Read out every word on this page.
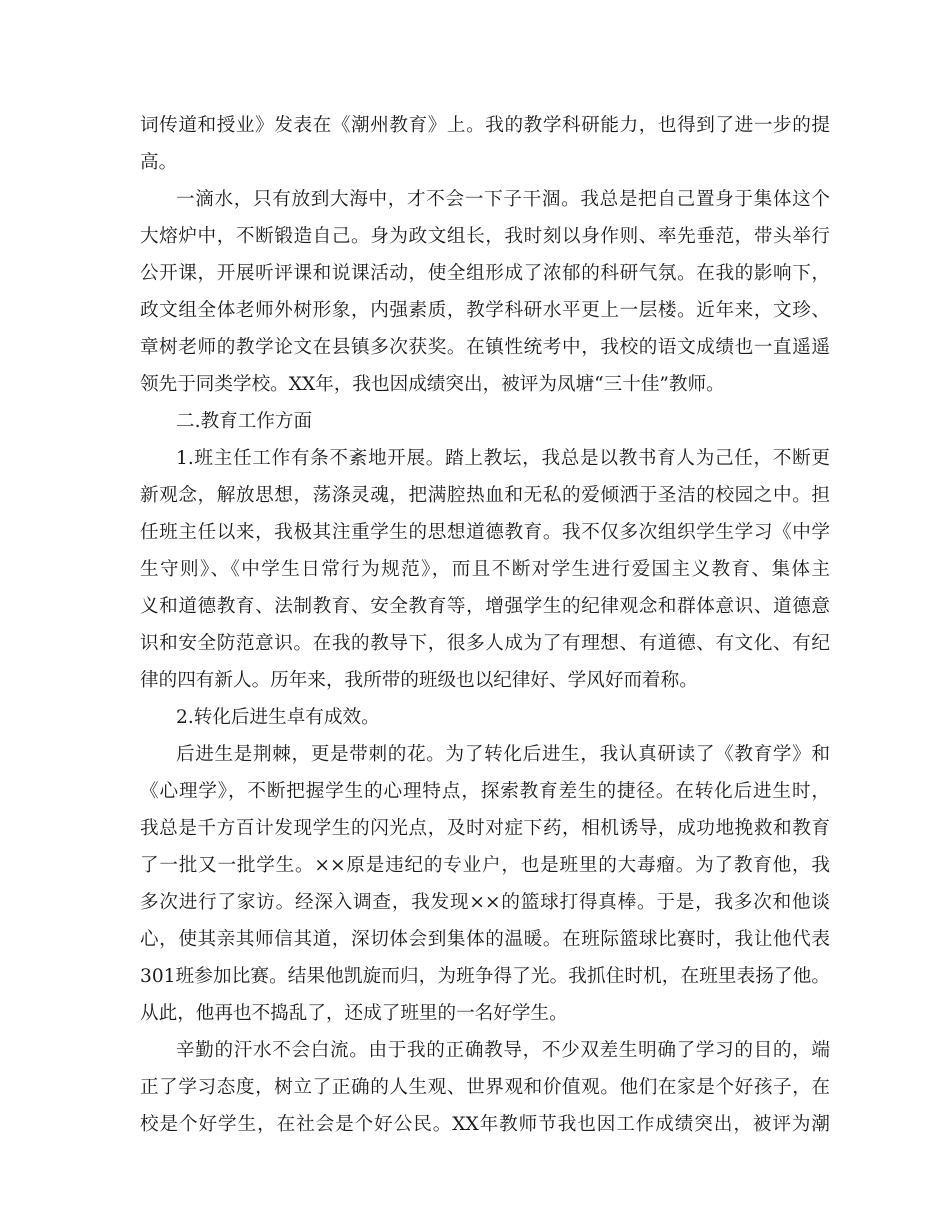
词传道和授业》发表在《潮州教育》上。我的教学科研能力，也得到了进一步的提
高。
一滴水，只有放到大海中，才不会一下子干涸。我总是把自己置身于集体这个
大熔炉中，不断锻造自己。身为政文组长，我时刻以身作则、率先垂范，带头举行
公开课，开展听评课和说课活动，使全组形成了浓郁的科研气氛。在我的影响下，
政文组全体老师外树形象，内强素质，教学科研水平更上一层楼。近年来，文珍、
章树老师的教学论文在县镇多次获奖。在镇性统考中，我校的语文成绩也一直遥遥
领先于同类学校。XX年，我也因成绩突出，被评为凤塘“三十佳”教师。
二.教育工作方面
1.班主任工作有条不紊地开展。踏上教坛，我总是以教书育人为己任，不断更
新观念，解放思想，荡涤灵魂，把满腔热血和无私的爱倾洒于圣洁的校园之中。担
任班主任以来，我极其注重学生的思想道德教育。我不仅多次组织学生学习《中学
生守则》、《中学生日常行为规范》，而且不断对学生进行爱国主义教育、集体主
义和道德教育、法制教育、安全教育等，增强学生的纪律观念和群体意识、道德意
识和安全防范意识。在我的教导下，很多人成为了有理想、有道德、有文化、有纪
律的四有新人。历年来，我所带的班级也以纪律好、学风好而着称。
2.转化后进生卓有成效。
后进生是荆棘，更是带刺的花。为了转化后进生，我认真研读了《教育学》和
《心理学》，不断把握学生的心理特点，探索教育差生的捷径。在转化后进生时，
我总是千方百计发现学生的闪光点，及时对症下药，相机诱导，成功地挽救和教育
了一批又一批学生。××原是违纪的专业户，也是班里的大毒瘤。为了教育他，我
多次进行了家访。经深入调查，我发现××的篮球打得真棒。于是，我多次和他谈
心，使其亲其师信其道，深切体会到集体的温暖。在班际篮球比赛时，我让他代表
301班参加比赛。结果他凯旋而归，为班争得了光。我抓住时机，在班里表扬了他。
从此，他再也不捣乱了，还成了班里的一名好学生。
辛勤的汗水不会白流。由于我的正确教导，不少双差生明确了学习的目的，端
正了学习态度，树立了正确的人生观、世界观和价值观。他们在家是个好孩子，在
校是个好学生，在社会是个好公民。XX年教师节我也因工作成绩突出，被评为潮
